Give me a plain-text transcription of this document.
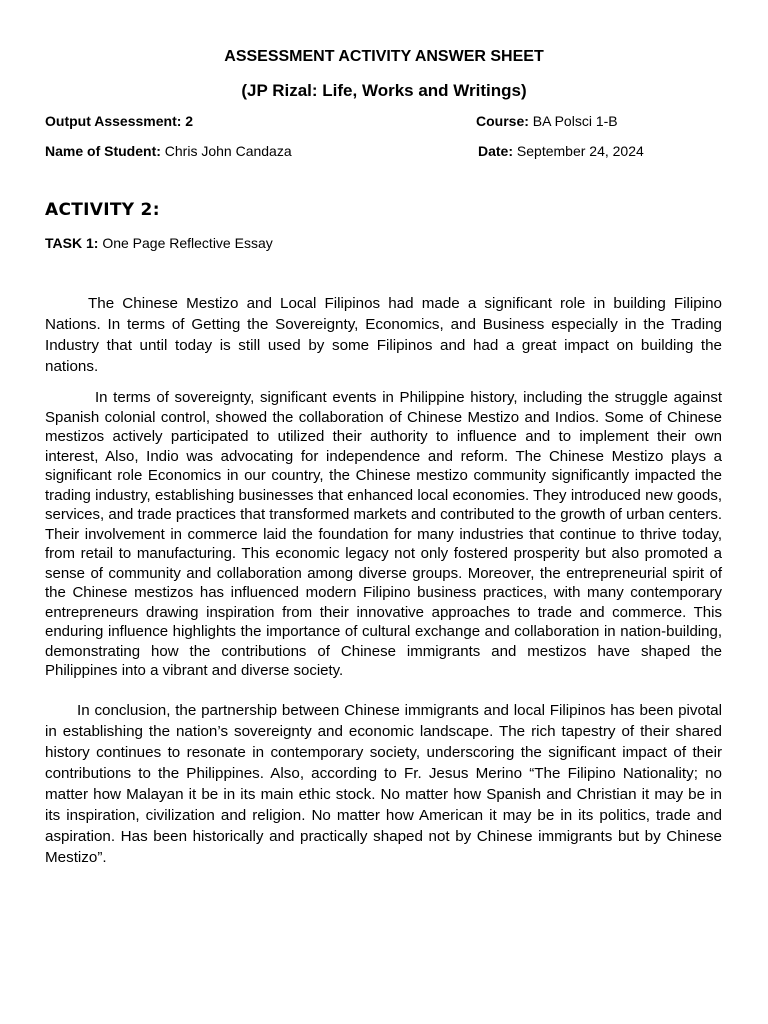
ASSESSMENT ACTIVITY ANSWER SHEET
(JP Rizal: Life, Works and Writings)
Output Assessment: 2	Course: BA Polsci 1-B
Name of Student: Chris John Candaza	Date: September 24, 2024
ACTIVITY 2:
TASK 1: One Page Reflective Essay

The Chinese Mestizo and Local Filipinos had made a significant role in building Filipino Nations. In terms of Getting the Sovereignty, Economics, and Business especially in the Trading Industry that until today is still used by some Filipinos and had a great impact on building the nations.

In terms of sovereignty, significant events in Philippine history, including the struggle against Spanish colonial control, showed the collaboration of Chinese Mestizo and Indios. Some of Chinese mestizos actively participated to utilized their authority to influence and to implement their own interest, Also, Indio was advocating for independence and reform. The Chinese Mestizo plays a significant role Economics in our country, the Chinese mestizo community significantly impacted the trading industry, establishing businesses that enhanced local economies. They introduced new goods, services, and trade practices that transformed markets and contributed to the growth of urban centers. Their involvement in commerce laid the foundation for many industries that continue to thrive today, from retail to manufacturing. This economic legacy not only fostered prosperity but also promoted a sense of community and collaboration among diverse groups. Moreover, the entrepreneurial spirit of the Chinese mestizos has influenced modern Filipino business practices, with many contemporary entrepreneurs drawing inspiration from their innovative approaches to trade and commerce. This enduring influence highlights the importance of cultural exchange and collaboration in nation-building, demonstrating how the contributions of Chinese immigrants and mestizos have shaped the Philippines into a vibrant and diverse society.

In conclusion, the partnership between Chinese immigrants and local Filipinos has been pivotal in establishing the nation’s sovereignty and economic landscape. The rich tapestry of their shared history continues to resonate in contemporary society, underscoring the significant impact of their contributions to the Philippines. Also, according to Fr. Jesus Merino “The Filipino Nationality; no matter how Malayan it be in its main ethic stock. No matter how Spanish and Christian it may be in its inspiration, civilization and religion. No matter how American it may be in its politics, trade and aspiration. Has been historically and practically shaped not by Chinese immigrants but by Chinese Mestizo”.
